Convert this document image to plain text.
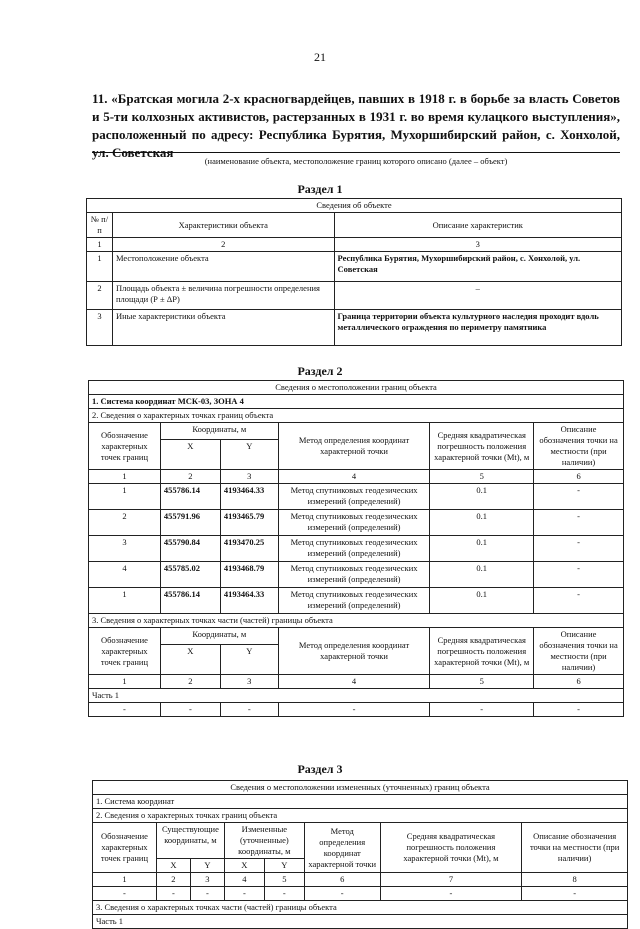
21
11. «Братская могила 2-х красногвардейцев, павших в 1918 г. в борьбе за власть Советов и 5-ти колхозных активистов, растерзанных в 1931 г. во время кулацкого выступления», расположенный по адресу: Республика Бурятия, Мухоршибирский район, с. Хонхолой, ул. Советская
(наименование объекта, местоположение границ которого описано (далее – объект)
Раздел 1
Сведения об объекте		
№ п/п	Характеристики объекта	Описание характеристик
1	2	3
1	Местоположение объекта	Республика Бурятия, Мухоршибирский район, с. Хонхолой, ул. Советская
2	Площадь объекта ± величина погрешности определения площади (Р ± ΔР)	–
3	Иные характеристики объекта	Граница территории объекта культурного наследия проходит вдоль металлического ограждения по периметру памятника
Раздел 2
Сведения о местоположении границ объекта					
1. Система координат МСК-03, ЗОНА 4					
2. Сведения о характерных точках границ объекта					
Обозначение характерных точек границ	Координаты, м		Метод определения координат характерной точки	Средняя квадратическая погрешность положения характерной точки (Mt), м	Описание обозначения точки на местности (при наличии)
	X	Y			
1	2	3	4	5	6
1	455786.14	4193464.33	Метод спутниковых геодезических измерений (определений)	0.1	-
2	455791.96	4193465.79	Метод спутниковых геодезических измерений (определений)	0.1	-
3	455790.84	4193470.25	Метод спутниковых геодезических измерений (определений)	0.1	-
4	455785.02	4193468.79	Метод спутниковых геодезических измерений (определений)	0.1	-
1	455786.14	4193464.33	Метод спутниковых геодезических измерений (определений)	0.1	-
3. Сведения о характерных точках части (частей) границы объекта					
Обозначение характерных точек границ	Координаты, м		Метод определения координат характерной точки	Средняя квадратическая погрешность положения характерной точки (Mt), м	Описание обозначения точки на местности (при наличии)
	X	Y			
1	2	3	4	5	6
Часть 1					
-	-	-	-	-	-
Раздел 3
Сведения о местоположении измененных (уточненных) границ объекта							
1. Система координат							
2. Сведения о характерных точках границ объекта							
Обозначение характерных точек границ	Существующие координаты, м		Измененные (уточненные) координаты, м		Метод определения координат характерной точки	Средняя квадратическая погрешность положения характерной точки (Mt), м	Описание обозначения точки на местности (при наличии)
	X	Y	X	Y			
1	2	3	4	5	6	7	8
-	-	-	-	-	-	-	-
3. Сведения о характерных точках части (частей) границы объекта							
Часть 1							
